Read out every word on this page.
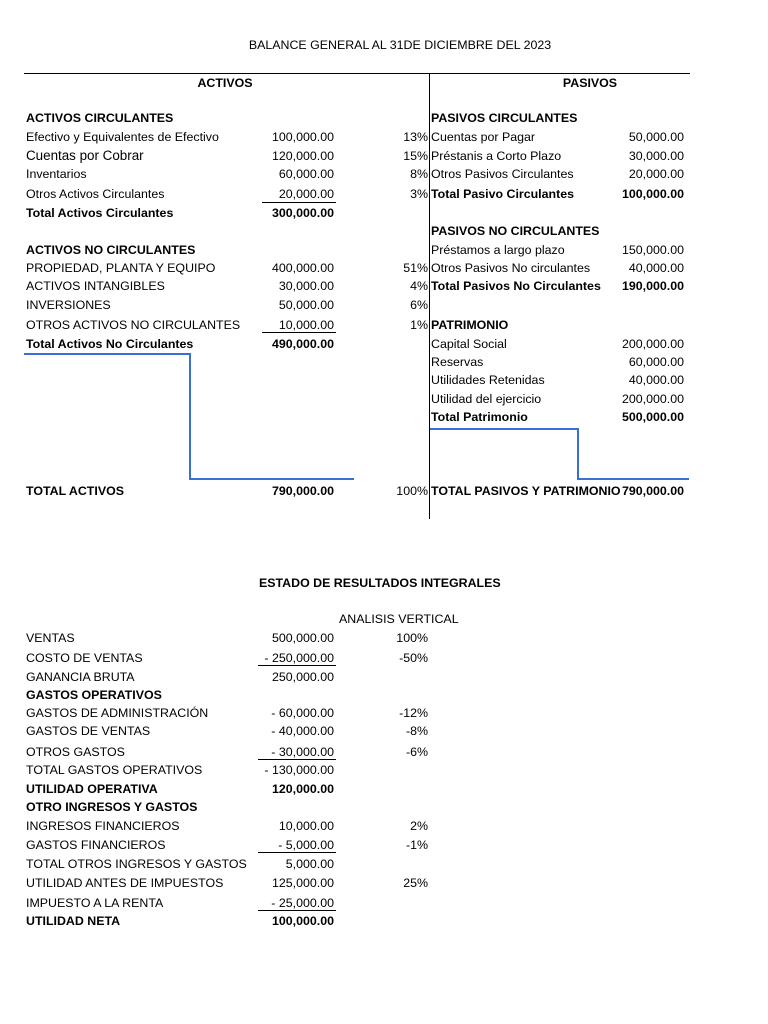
BALANCE GENERAL AL 31DE DICIEMBRE DEL 2023
ACTIVOS	PASIVOS
ACTIVOS CIRCULANTES
Efectivo y Equivalentes de Efectivo	100,000.00	13%
Cuentas por Cobrar	120,000.00	15%
Inventarios	60,000.00	8%
Otros Activos Circulantes	20,000.00	3%
Total Activos Circulantes	300,000.00
ACTIVOS NO CIRCULANTES
PROPIEDAD, PLANTA Y EQUIPO	400,000.00	51%
ACTIVOS INTANGIBLES	30,000.00	4%
INVERSIONES	50,000.00	6%
OTROS ACTIVOS NO CIRCULANTES	10,000.00	1%
Total Activos No Circulantes	490,000.00
TOTAL ACTIVOS	790,000.00	100%
PASIVOS CIRCULANTES
Cuentas por Pagar	50,000.00
Préstanis a Corto Plazo	30,000.00
Otros Pasivos Circulantes	20,000.00
Total Pasivo Circulantes	100,000.00
PASIVOS NO CIRCULANTES
Préstamos a largo plazo	150,000.00
Otros Pasivos No circulantes	40,000.00
Total Pasivos No Circulantes	190,000.00
PATRIMONIO
Capital Social	200,000.00
Reservas	60,000.00
Utilidades Retenidas	40,000.00
Utilidad del ejercicio	200,000.00
Total Patrimonio	500,000.00
TOTAL PASIVOS Y PATRIMONIO 790,000.00
ESTADO DE RESULTADOS INTEGRALES
ANALISIS VERTICAL
VENTAS	500,000.00	100%
COSTO DE VENTAS	- 250,000.00	-50%
GANANCIA BRUTA	250,000.00
GASTOS OPERATIVOS
GASTOS DE ADMINISTRACIÓN	- 60,000.00	-12%
GASTOS DE VENTAS	- 40,000.00	-8%
OTROS GASTOS	- 30,000.00	-6%
TOTAL GASTOS OPERATIVOS	- 130,000.00
UTILIDAD OPERATIVA	120,000.00
OTRO INGRESOS Y GASTOS
INGRESOS FINANCIEROS	10,000.00	2%
GASTOS FINANCIEROS	- 5,000.00	-1%
TOTAL OTROS INGRESOS Y GASTOS	5,000.00
UTILIDAD ANTES DE IMPUESTOS	125,000.00	25%
IMPUESTO A LA RENTA	- 25,000.00
UTILIDAD NETA	100,000.00
